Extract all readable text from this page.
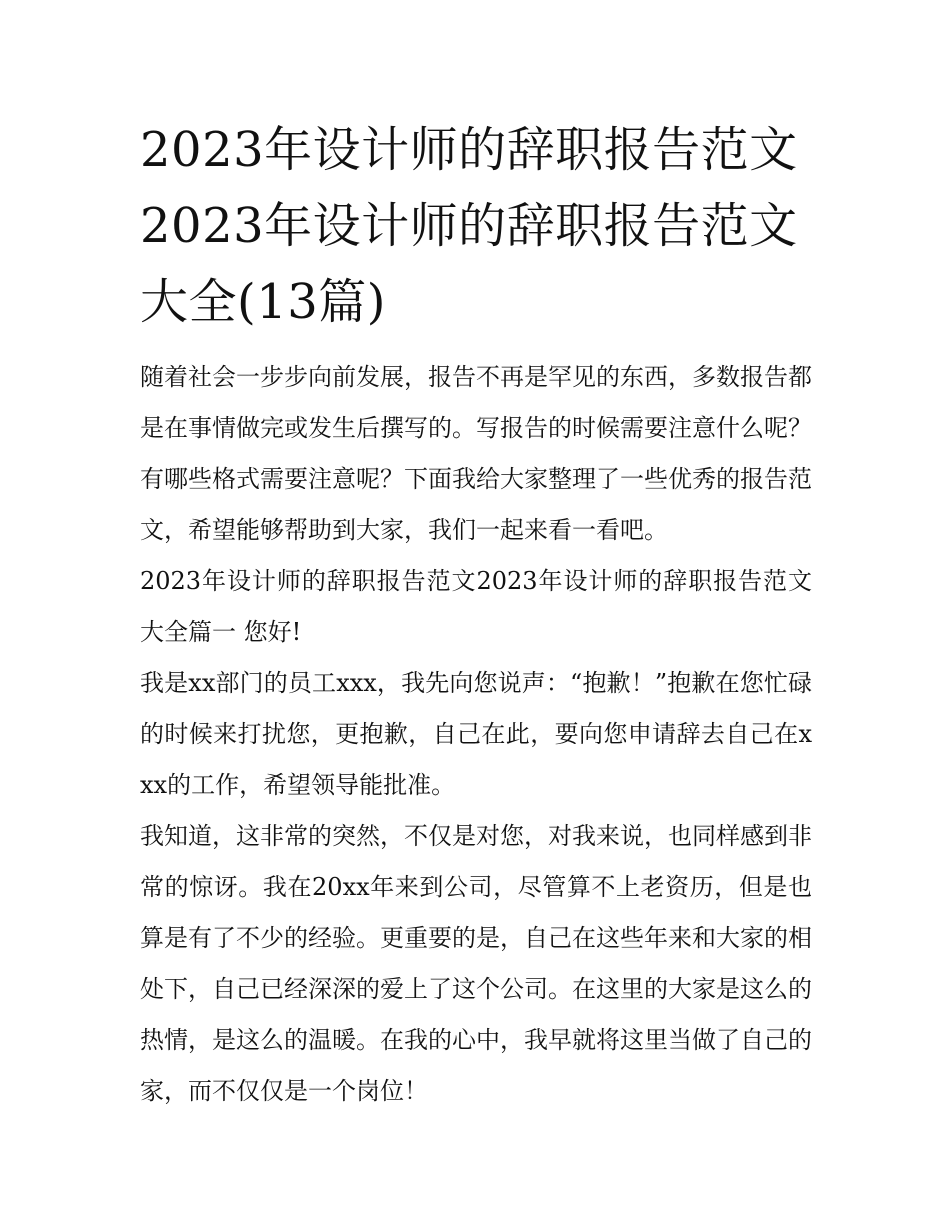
2023年设计师的辞职报告范文
2023年设计师的辞职报告范文
大全(13篇)

随着社会一步步向前发展，报告不再是罕见的东西，多数报告都是在事情做完或发生后撰写的。写报告的时候需要注意什么呢？有哪些格式需要注意呢？下面我给大家整理了一些优秀的报告范文，希望能够帮助到大家，我们一起来看一看吧。

2023年设计师的辞职报告范文2023年设计师的辞职报告范文大全篇一 您好!

我是xx部门的员工xxx，我先向您说声：“抱歉！”抱歉在您忙碌的时候来打扰您，更抱歉，自己在此，要向您申请辞去自己在xxx的工作，希望领导能批准。

我知道，这非常的突然，不仅是对您，对我来说，也同样感到非常的惊讶。我在20xx年来到公司，尽管算不上老资历，但是也算是有了不少的经验。更重要的是，自己在这些年来和大家的相处下，自己已经深深的爱上了这个公司。在这里的大家是这么的热情，是这么的温暖。在我的心中，我早就将这里当做了自己的家，而不仅仅是一个岗位！
